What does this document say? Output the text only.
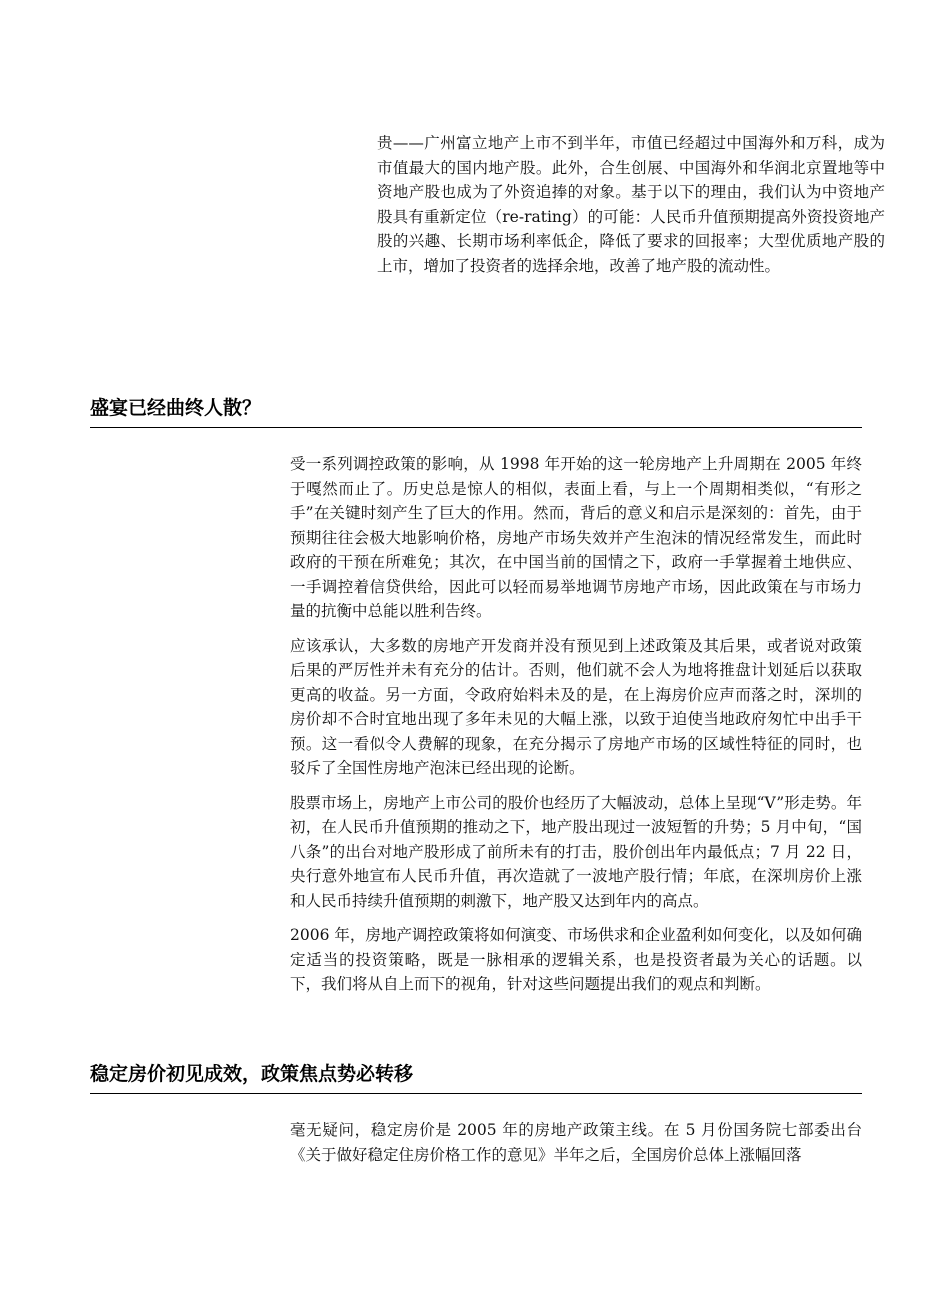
贵——广州富立地产上市不到半年，市值已经超过中国海外和万科，成为市值最大的国内地产股。此外，合生创展、中国海外和华润北京置地等中资地产股也成为了外资追捧的对象。基于以下的理由，我们认为中资地产股具有重新定位（re-rating）的可能：人民币升值预期提高外资投资地产股的兴趣、长期市场利率低企，降低了要求的回报率；大型优质地产股的上市，增加了投资者的选择余地，改善了地产股的流动性。

盛宴已经曲终人散？

受一系列调控政策的影响，从 1998 年开始的这一轮房地产上升周期在 2005 年终于嘎然而止了。历史总是惊人的相似，表面上看，与上一个周期相类似，“有形之手”在关键时刻产生了巨大的作用。然而，背后的意义和启示是深刻的：首先，由于预期往往会极大地影响价格，房地产市场失效并产生泡沫的情况经常发生，而此时政府的干预在所难免；其次，在中国当前的国情之下，政府一手掌握着土地供应、一手调控着信贷供给，因此可以轻而易举地调节房地产市场，因此政策在与市场力量的抗衡中总能以胜利告终。

应该承认，大多数的房地产开发商并没有预见到上述政策及其后果，或者说对政策后果的严厉性并未有充分的估计。否则，他们就不会人为地将推盘计划延后以获取更高的收益。另一方面，令政府始料未及的是，在上海房价应声而落之时，深圳的房价却不合时宜地出现了多年未见的大幅上涨，以致于迫使当地政府匆忙中出手干预。这一看似令人费解的现象，在充分揭示了房地产市场的区域性特征的同时，也驳斥了全国性房地产泡沫已经出现的论断。

股票市场上，房地产上市公司的股价也经历了大幅波动，总体上呈现“V”形走势。年初，在人民币升值预期的推动之下，地产股出现过一波短暂的升势；5 月中旬，“国八条”的出台对地产股形成了前所未有的打击，股价创出年内最低点；7 月 22 日，央行意外地宣布人民币升值，再次造就了一波地产股行情；年底，在深圳房价上涨和人民币持续升值预期的刺激下，地产股又达到年内的高点。

2006 年，房地产调控政策将如何演变、市场供求和企业盈利如何变化，以及如何确定适当的投资策略，既是一脉相承的逻辑关系，也是投资者最为关心的话题。以下，我们将从自上而下的视角，针对这些问题提出我们的观点和判断。

稳定房价初见成效，政策焦点势必转移

毫无疑问，稳定房价是 2005 年的房地产政策主线。在 5 月份国务院七部委出台《关于做好稳定住房价格工作的意见》半年之后，全国房价总体上涨幅回落
